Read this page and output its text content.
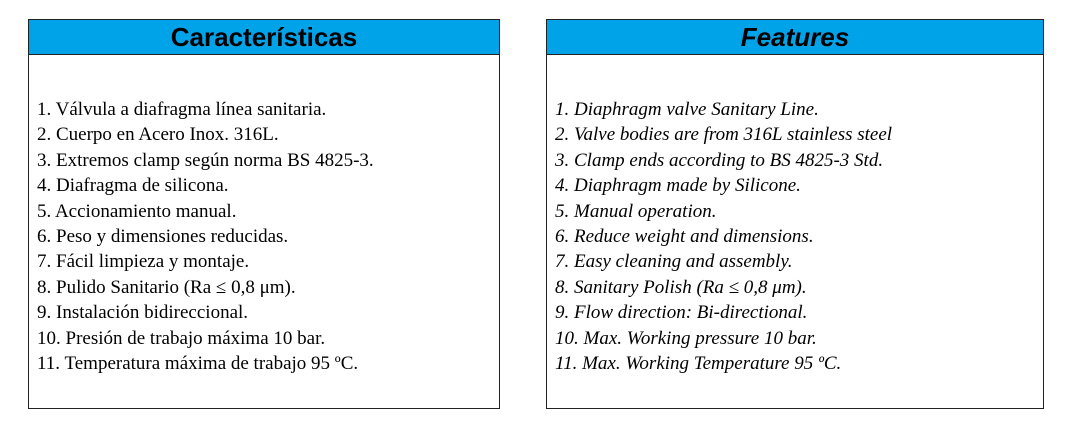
Características
1. Válvula a diafragma línea sanitaria.
2. Cuerpo en Acero Inox. 316L.
3. Extremos clamp según norma BS 4825-3.
4. Diafragma de silicona.
5. Accionamiento manual.
6. Peso y dimensiones reducidas.
7. Fácil limpieza y montaje.
8. Pulido Sanitario (Ra ≤ 0,8 μm).
9. Instalación bidireccional.
10. Presión de trabajo máxima 10 bar.
11. Temperatura máxima de trabajo 95 ºC.
Features
1. Diaphragm valve Sanitary Line.
2. Valve bodies are from 316L stainless steel
3. Clamp ends according to BS 4825-3 Std.
4. Diaphragm made by Silicone.
5. Manual operation.
6. Reduce weight and dimensions.
7. Easy cleaning and assembly.
8. Sanitary Polish (Ra ≤ 0,8 μm).
9. Flow direction: Bi-directional.
10. Max. Working pressure 10 bar.
11. Max. Working Temperature 95 ºC.
